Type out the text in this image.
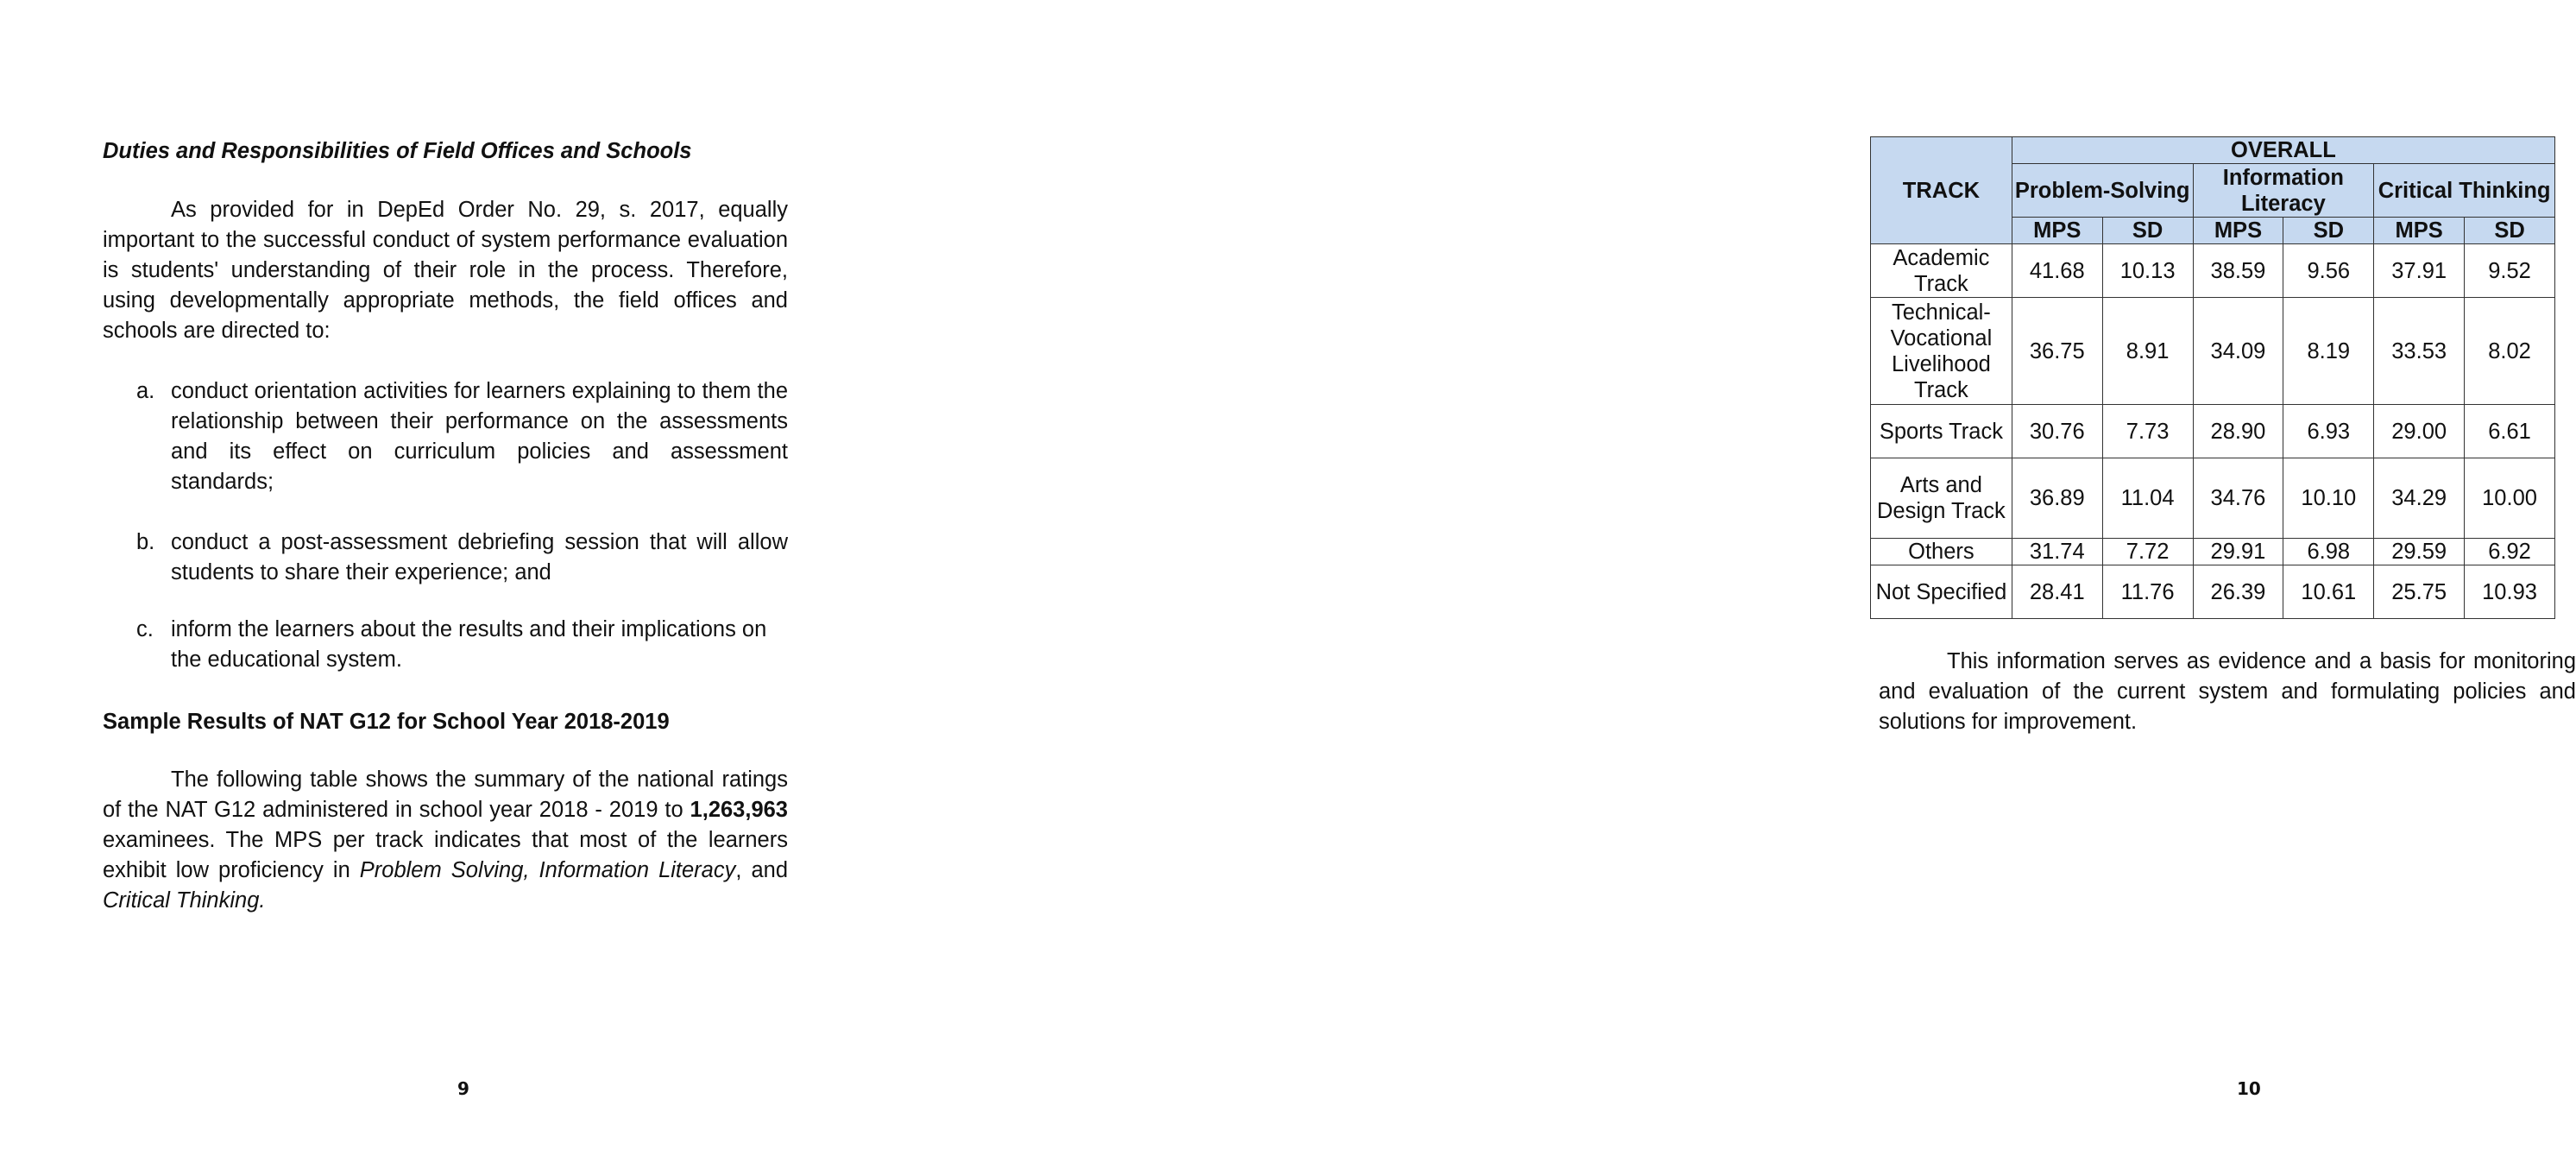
Duties and Responsibilities of Field Offices and Schools

As provided for in DepEd Order No. 29, s. 2017, equally important to the successful conduct of system performance evaluation is students' understanding of their role in the process. Therefore, using developmentally appropriate methods, the field offices and schools are directed to:

a. conduct orientation activities for learners explaining to them the relationship between their performance on the assessments and its effect on curriculum policies and assessment standards;
b. conduct a post-assessment debriefing session that will allow students to share their experience; and
c. inform the learners about the results and their implications on the educational system.

Sample Results of NAT G12 for School Year 2018-2019

The following table shows the summary of the national ratings of the NAT G12 administered in school year 2018 - 2019 to 1,263,963 examinees. The MPS per track indicates that most of the learners exhibit low proficiency in Problem Solving, Information Literacy, and Critical Thinking.

9
TRACK	OVERALL					
	Problem-Solving		Information Literacy		Critical Thinking	
	MPS	SD	MPS	SD	MPS	SD
Academic Track	41.68	10.13	38.59	9.56	37.91	9.52
Technical-Vocational Livelihood Track	36.75	8.91	34.09	8.19	33.53	8.02
Sports Track	30.76	7.73	28.90	6.93	29.00	6.61
Arts and Design Track	36.89	11.04	34.76	10.10	34.29	10.00
Others	31.74	7.72	29.91	6.98	29.59	6.92
Not Specified	28.41	11.76	26.39	10.61	25.75	10.93

This information serves as evidence and a basis for monitoring and evaluation of the current system and formulating policies and solutions for improvement.

10
